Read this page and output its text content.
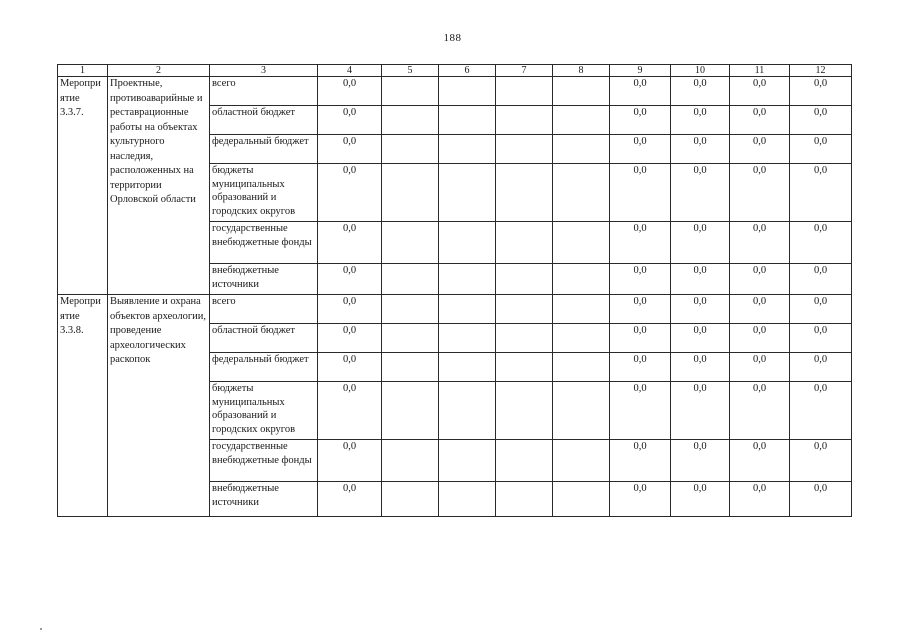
188
1	2	3	4	5	6	7	8	9	10	11	12
Мероприятие 3.3.7.	Проектные, противоаварийные и реставрационные работы на объектах культурного наследия, расположенных на территории Орловской области	всего	0,0					0,0	0,0	0,0	0,0
		областной бюджет	0,0					0,0	0,0	0,0	0,0
		федеральный бюджет	0,0					0,0	0,0	0,0	0,0
		бюджеты муниципальных образований и городских округов	0,0					0,0	0,0	0,0	0,0
		государственные внебюджетные фонды	0,0					0,0	0,0	0,0	0,0
		внебюджетные источники	0,0					0,0	0,0	0,0	0,0
Мероприятие 3.3.8.	Выявление и охрана объектов археологии, проведение археологических раскопок	всего	0,0					0,0	0,0	0,0	0,0
		областной бюджет	0,0					0,0	0,0	0,0	0,0
		федеральный бюджет	0,0					0,0	0,0	0,0	0,0
		бюджеты муниципальных образований и городских округов	0,0					0,0	0,0	0,0	0,0
		государственные внебюджетные фонды	0,0					0,0	0,0	0,0	0,0
		внебюджетные источники	0,0					0,0	0,0	0,0	0,0
